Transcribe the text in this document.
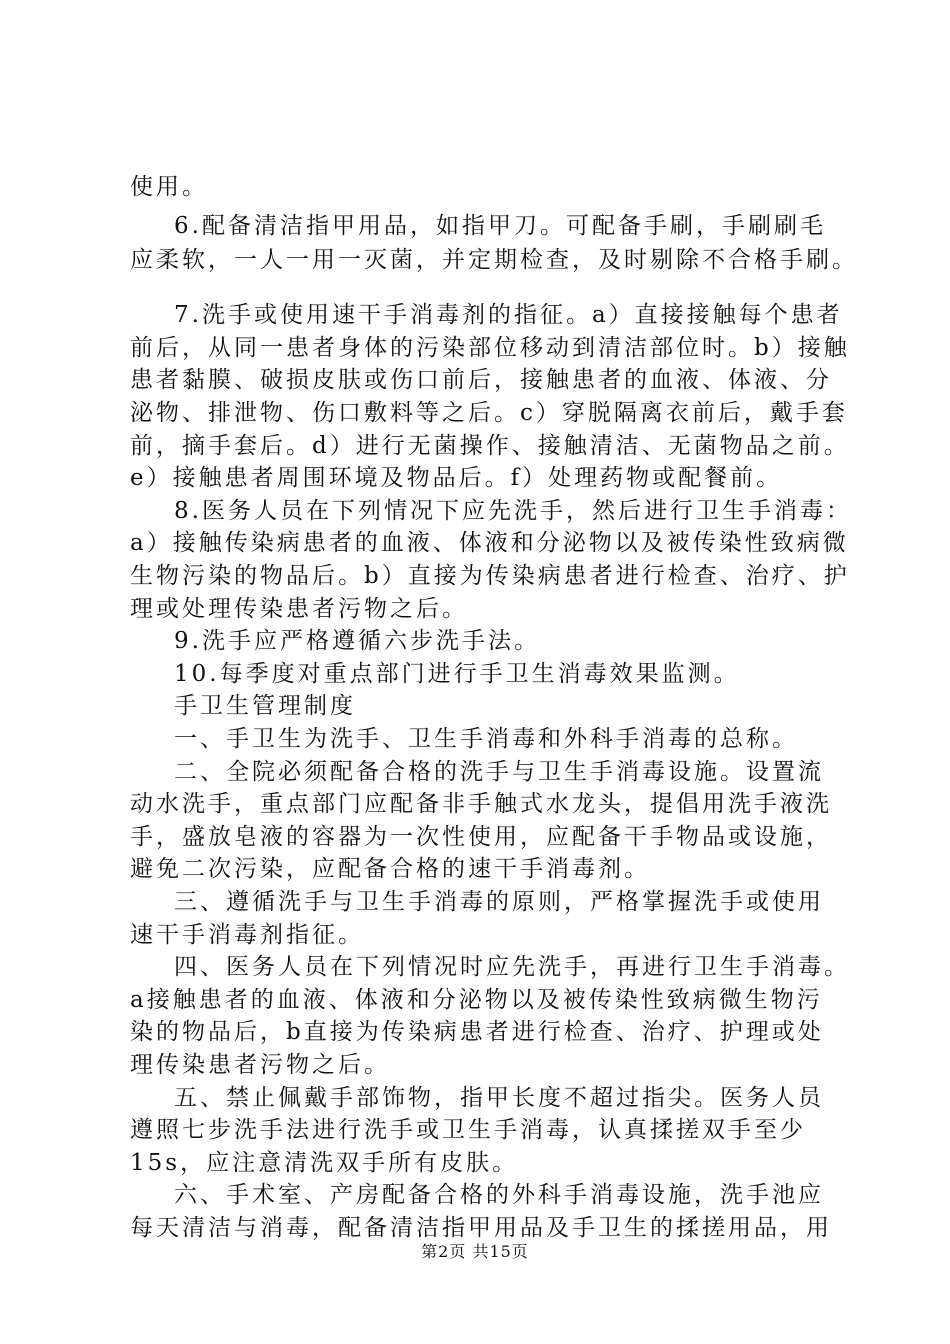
使用。
6.配备清洁指甲用品，如指甲刀。可配备手刷，手刷刷毛
应柔软，一人一用一灭菌，并定期检查，及时剔除不合格手刷。
7.洗手或使用速干手消毒剂的指征。a）直接接触每个患者
前后，从同一患者身体的污染部位移动到清洁部位时。b）接触
患者黏膜、破损皮肤或伤口前后，接触患者的血液、体液、分
泌物、排泄物、伤口敷料等之后。c）穿脱隔离衣前后，戴手套
前，摘手套后。d）进行无菌操作、接触清洁、无菌物品之前。
e）接触患者周围环境及物品后。f）处理药物或配餐前。
8.医务人员在下列情况下应先洗手，然后进行卫生手消毒：
a）接触传染病患者的血液、体液和分泌物以及被传染性致病微
生物污染的物品后。b）直接为传染病患者进行检查、治疗、护
理或处理传染患者污物之后。
9.洗手应严格遵循六步洗手法。
10.每季度对重点部门进行手卫生消毒效果监测。
手卫生管理制度
一、手卫生为洗手、卫生手消毒和外科手消毒的总称。
二、全院必须配备合格的洗手与卫生手消毒设施。设置流
动水洗手，重点部门应配备非手触式水龙头，提倡用洗手液洗
手，盛放皂液的容器为一次性使用，应配备干手物品或设施，
避免二次污染，应配备合格的速干手消毒剂。
三、遵循洗手与卫生手消毒的原则，严格掌握洗手或使用
速干手消毒剂指征。
四、医务人员在下列情况时应先洗手，再进行卫生手消毒。
a接触患者的血液、体液和分泌物以及被传染性致病微生物污
染的物品后，b直接为传染病患者进行检查、治疗、护理或处
理传染患者污物之后。
五、禁止佩戴手部饰物，指甲长度不超过指尖。医务人员
遵照七步洗手法进行洗手或卫生手消毒，认真揉搓双手至少
15s，应注意清洗双手所有皮肤。
六、手术室、产房配备合格的外科手消毒设施，洗手池应
每天清洁与消毒，配备清洁指甲用品及手卫生的揉搓用品，用
第2页 共15页
